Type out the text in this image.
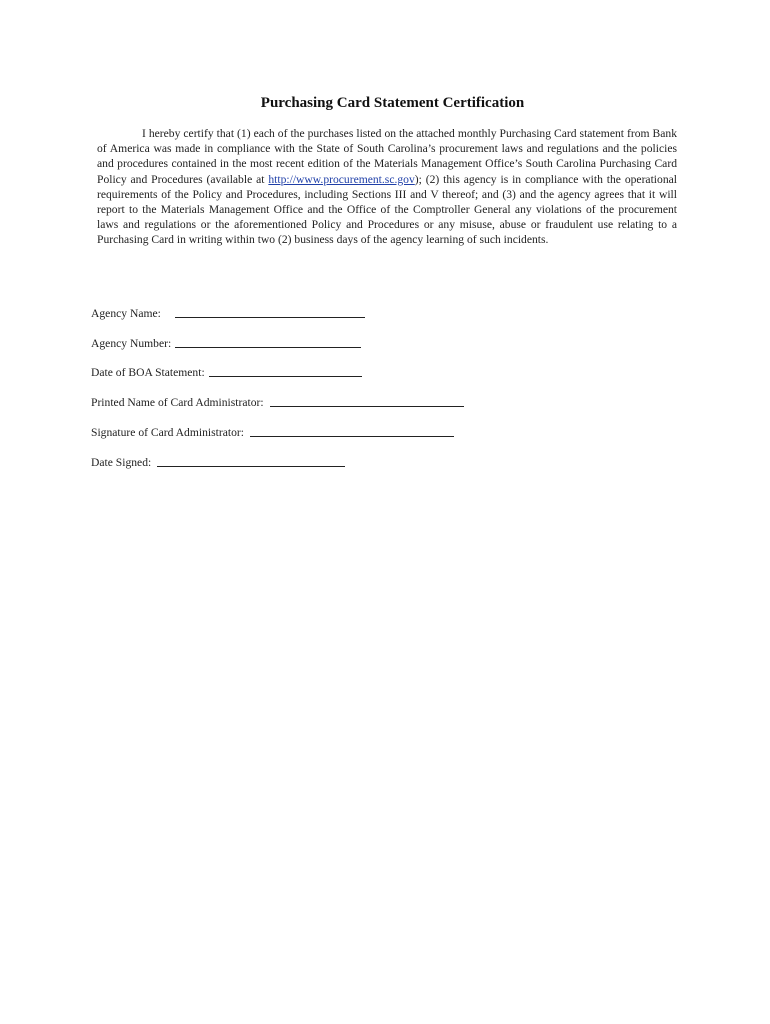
Purchasing Card Statement Certification
I hereby certify that (1) each of the purchases listed on the attached monthly Purchasing Card statement from Bank of America was made in compliance with the State of South Carolina’s procurement laws and regulations and the policies and procedures contained in the most recent edition of the Materials Management Office’s South Carolina Purchasing Card Policy and Procedures (available at http://www.procurement.sc.gov); (2) this agency is in compliance with the operational requirements of the Policy and Procedures, including Sections III and V thereof; and (3) and the agency agrees that it will report to the Materials Management Office and the Office of the Comptroller General any violations of the procurement laws and regulations or the aforementioned Policy and Procedures or any misuse, abuse or fraudulent use relating to a Purchasing Card in writing within two (2) business days of the agency learning of such incidents.
Agency Name:
Agency Number:
Date of BOA Statement:
Printed Name of Card Administrator:
Signature of Card Administrator:
Date Signed:
